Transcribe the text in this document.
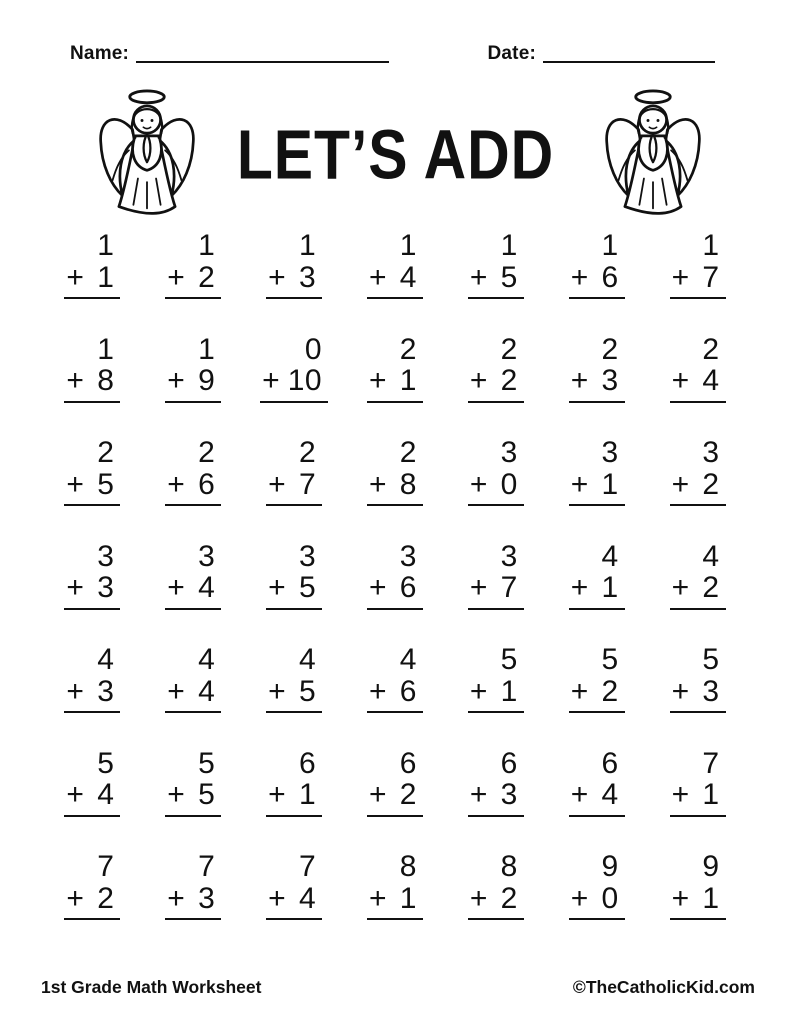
Name:	Date:
LET’S ADD
1
+ 1
1
+ 2
1
+ 3
1
+ 4
1
+ 5
1
+ 6
1
+ 7
1
+ 8
1
+ 9
0
+ 10
2
+ 1
2
+ 2
2
+ 3
2
+ 4
2
+ 5
2
+ 6
2
+ 7
2
+ 8
3
+ 0
3
+ 1
3
+ 2
3
+ 3
3
+ 4
3
+ 5
3
+ 6
3
+ 7
4
+ 1
4
+ 2
4
+ 3
4
+ 4
4
+ 5
4
+ 6
5
+ 1
5
+ 2
5
+ 3
5
+ 4
5
+ 5
6
+ 1
6
+ 2
6
+ 3
6
+ 4
7
+ 1
7
+ 2
7
+ 3
7
+ 4
8
+ 1
8
+ 2
9
+ 0
9
+ 1
1st Grade Math Worksheet	©TheCatholicKid.com
